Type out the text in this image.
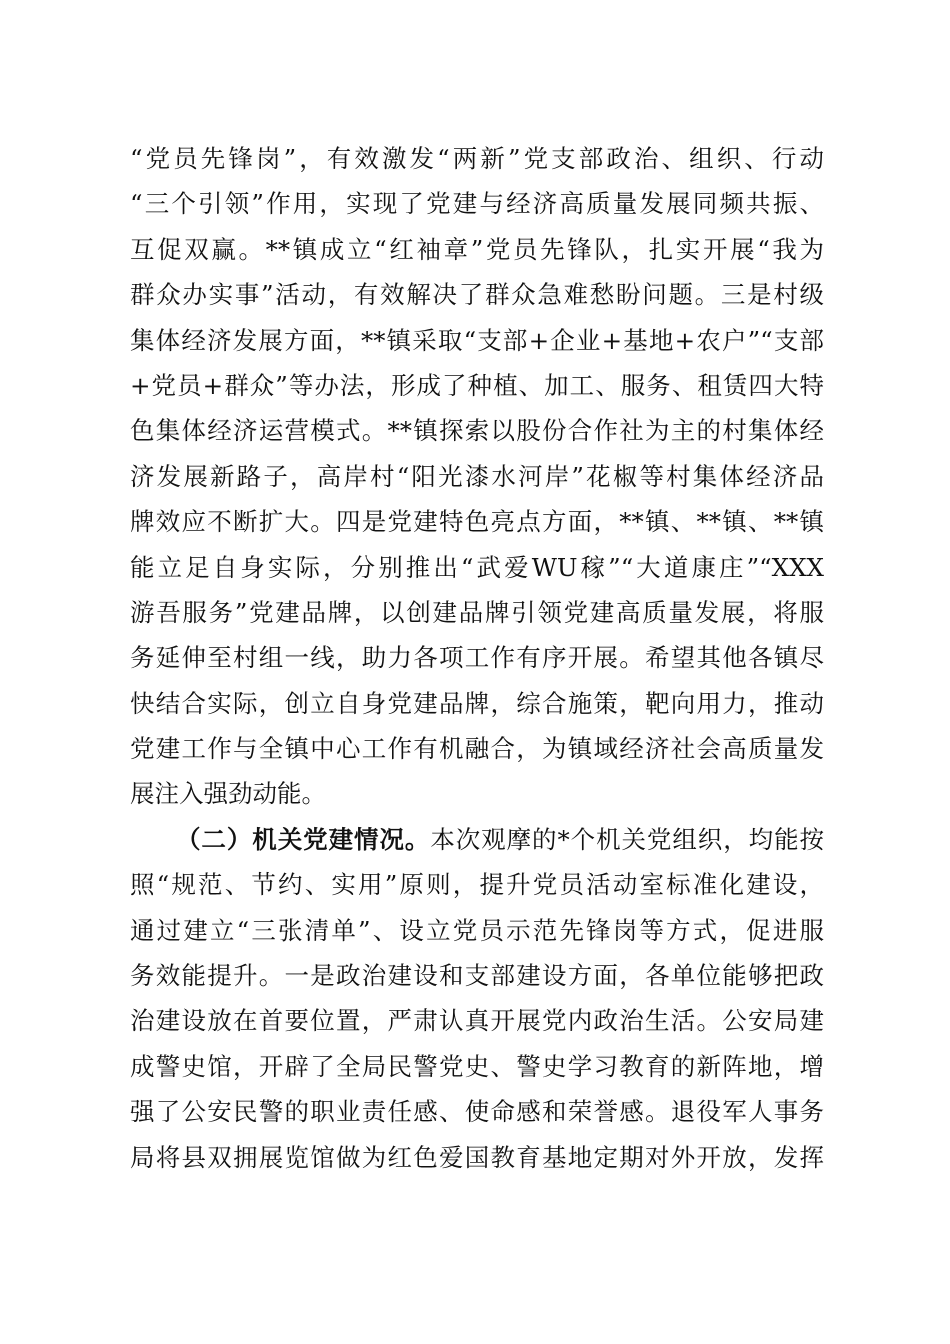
“党员先锋岗”，有效激发“两新”党支部政治、组织、行动
“三个引领”作用，实现了党建与经济高质量发展同频共振、
互促双赢。**镇成立“红袖章”党员先锋队，扎实开展“我为
群众办实事”活动，有效解决了群众急难愁盼问题。三是村级
集体经济发展方面，**镇采取“支部+企业+基地+农户”“支部
+党员+群众”等办法，形成了种植、加工、服务、租赁四大特
色集体经济运营模式。**镇探索以股份合作社为主的村集体经
济发展新路子，高岸村“阳光漆水河岸”花椒等村集体经济品
牌效应不断扩大。四是党建特色亮点方面，**镇、**镇、**镇
能立足自身实际，分别推出“武爱WU稼”“大道康庄”“XXX
游吾服务”党建品牌，以创建品牌引领党建高质量发展，将服
务延伸至村组一线，助力各项工作有序开展。希望其他各镇尽
快结合实际，创立自身党建品牌，综合施策，靶向用力，推动
党建工作与全镇中心工作有机融合，为镇域经济社会高质量发
展注入强劲动能。
（二）机关党建情况。本次观摩的*个机关党组织，均能按
照“规范、节约、实用”原则，提升党员活动室标准化建设，
通过建立“三张清单”、设立党员示范先锋岗等方式，促进服
务效能提升。一是政治建设和支部建设方面，各单位能够把政
治建设放在首要位置，严肃认真开展党内政治生活。公安局建
成警史馆，开辟了全局民警党史、警史学习教育的新阵地，增
强了公安民警的职业责任感、使命感和荣誉感。退役军人事务
局将县双拥展览馆做为红色爱国教育基地定期对外开放，发挥
